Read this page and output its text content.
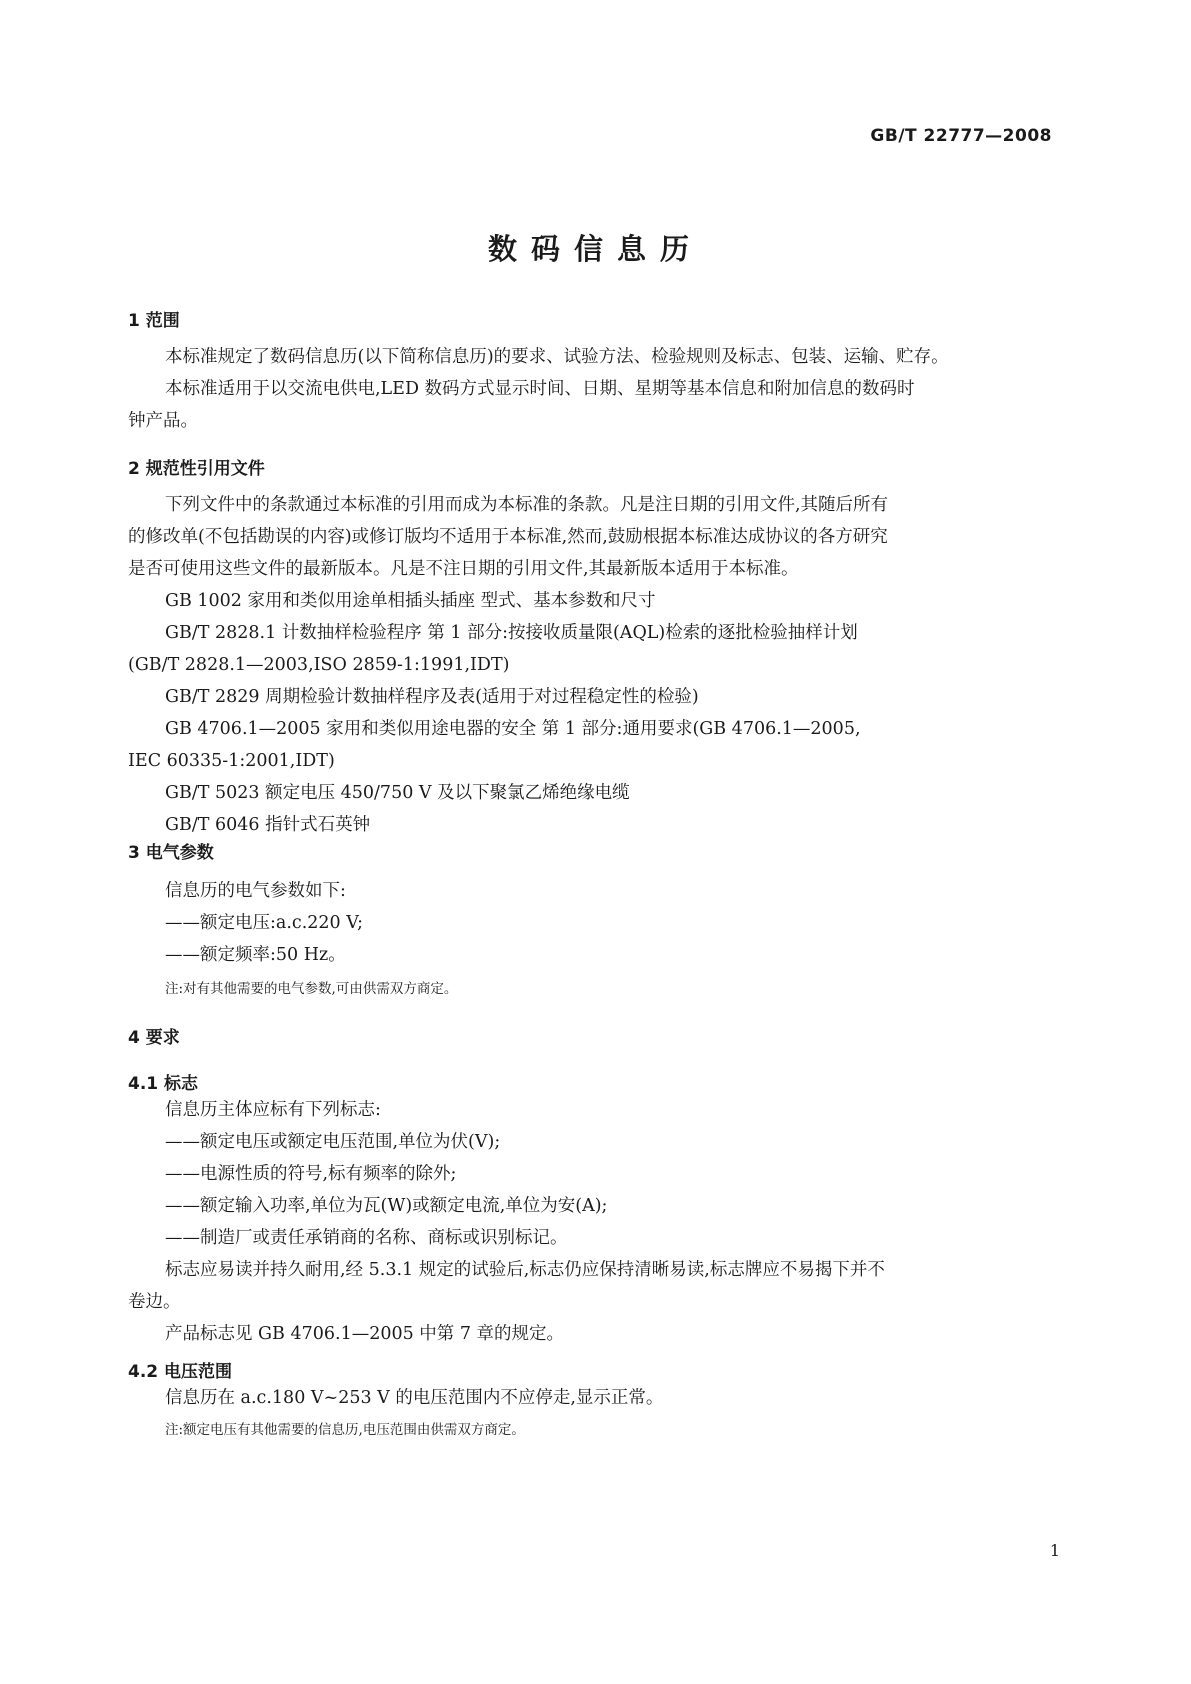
GB/T 22777—2008
数码信息历
1 范围
本标准规定了数码信息历(以下简称信息历)的要求、试验方法、检验规则及标志、包装、运输、贮存。
本标准适用于以交流电供电,LED 数码方式显示时间、日期、星期等基本信息和附加信息的数码时
钟产品。
2 规范性引用文件
下列文件中的条款通过本标准的引用而成为本标准的条款。凡是注日期的引用文件,其随后所有
的修改单(不包括勘误的内容)或修订版均不适用于本标准,然而,鼓励根据本标准达成协议的各方研究
是否可使用这些文件的最新版本。凡是不注日期的引用文件,其最新版本适用于本标准。
GB 1002 家用和类似用途单相插头插座 型式、基本参数和尺寸
GB/T 2828.1 计数抽样检验程序 第 1 部分:按接收质量限(AQL)检索的逐批检验抽样计划
(GB/T 2828.1—2003,ISO 2859-1:1991,IDT)
GB/T 2829 周期检验计数抽样程序及表(适用于对过程稳定性的检验)
GB 4706.1—2005 家用和类似用途电器的安全 第 1 部分:通用要求(GB 4706.1—2005,
IEC 60335-1:2001,IDT)
GB/T 5023 额定电压 450/750 V 及以下聚氯乙烯绝缘电缆
GB/T 6046 指针式石英钟
3 电气参数
信息历的电气参数如下:
——额定电压:a.c.220 V;
——额定频率:50 Hz。
注:对有其他需要的电气参数,可由供需双方商定。
4 要求
4.1 标志
信息历主体应标有下列标志:
——额定电压或额定电压范围,单位为伏(V);
——电源性质的符号,标有频率的除外;
——额定输入功率,单位为瓦(W)或额定电流,单位为安(A);
——制造厂或责任承销商的名称、商标或识别标记。
标志应易读并持久耐用,经 5.3.1 规定的试验后,标志仍应保持清晰易读,标志牌应不易揭下并不
卷边。
产品标志见 GB 4706.1—2005 中第 7 章的规定。
4.2 电压范围
信息历在 a.c.180 V~253 V 的电压范围内不应停走,显示正常。
注:额定电压有其他需要的信息历,电压范围由供需双方商定。
1
